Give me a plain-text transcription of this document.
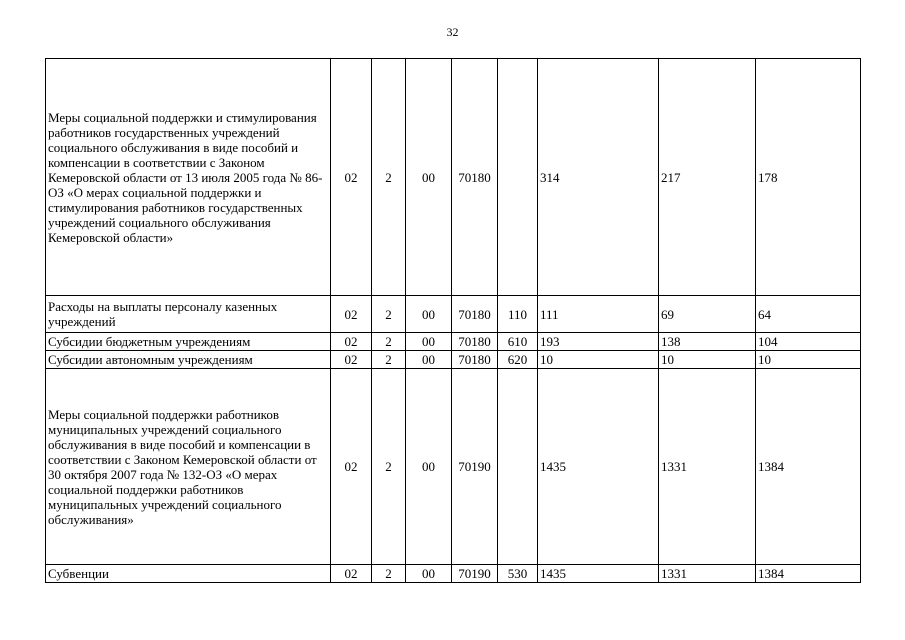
32
Меры социальной поддержки и стимулирования работников государственных учреждений социального обслуживания в виде пособий и компенсации в соответствии с Законом Кемеровской области от 13 июля 2005 года № 86-ОЗ «О мерах социальной поддержки и стимулирования работников государственных учреждений социального обслуживания Кемеровской области»	02	2	00	70180		314	217	178
Расходы на выплаты персоналу казенных учреждений	02	2	00	70180	110	111	69	64
Субсидии бюджетным учреждениям	02	2	00	70180	610	193	138	104
Субсидии автономным учреждениям	02	2	00	70180	620	10	10	10
Меры социальной поддержки работников муниципальных учреждений социального обслуживания в виде пособий и компенсации в соответствии с Законом Кемеровской области от 30 октября 2007 года № 132-ОЗ «О мерах социальной поддержки работников муниципальных учреждений социального обслуживания»	02	2	00	70190		1435	1331	1384
Субвенции	02	2	00	70190	530	1435	1331	1384
